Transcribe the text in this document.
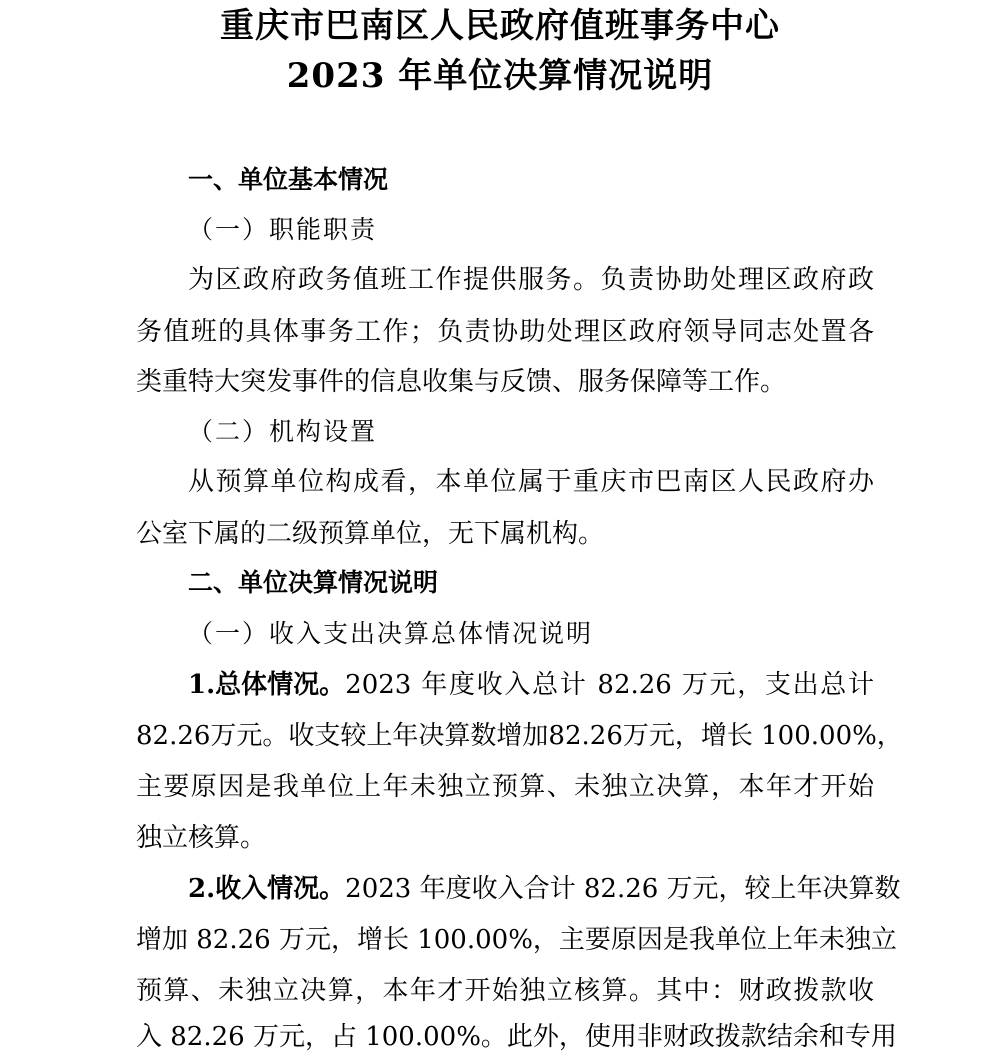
重庆市巴南区人民政府值班事务中心
2023 年单位决算情况说明
一、单位基本情况
（一）职能职责
为区政府政务值班工作提供服务。负责协助处理区政府政
务值班的具体事务工作；负责协助处理区政府领导同志处置各
类重特大突发事件的信息收集与反馈、服务保障等工作。
（二）机构设置
从预算单位构成看，本单位属于重庆市巴南区人民政府办
公室下属的二级预算单位，无下属机构。
二、单位决算情况说明
（一）收入支出决算总体情况说明
1.总体情况。 2023 年度收入总计 82.26 万元，支出总计
82.26万元。收支较上年决算数增加82.26万元，增长 100.00%，
主要原因是我单位上年未独立预算、未独立决算，本年才开始
独立核算。
2.收入情况。 2023 年度收入合计 82.26 万元，较上年决算数
增加 82.26 万元，增长 100.00%，主要原因是我单位上年未独立
预算、未独立决算，本年才开始独立核算。其中：财政拨款收
入 82.26 万元，占 100.00%。此外，使用非财政拨款结余和专用
